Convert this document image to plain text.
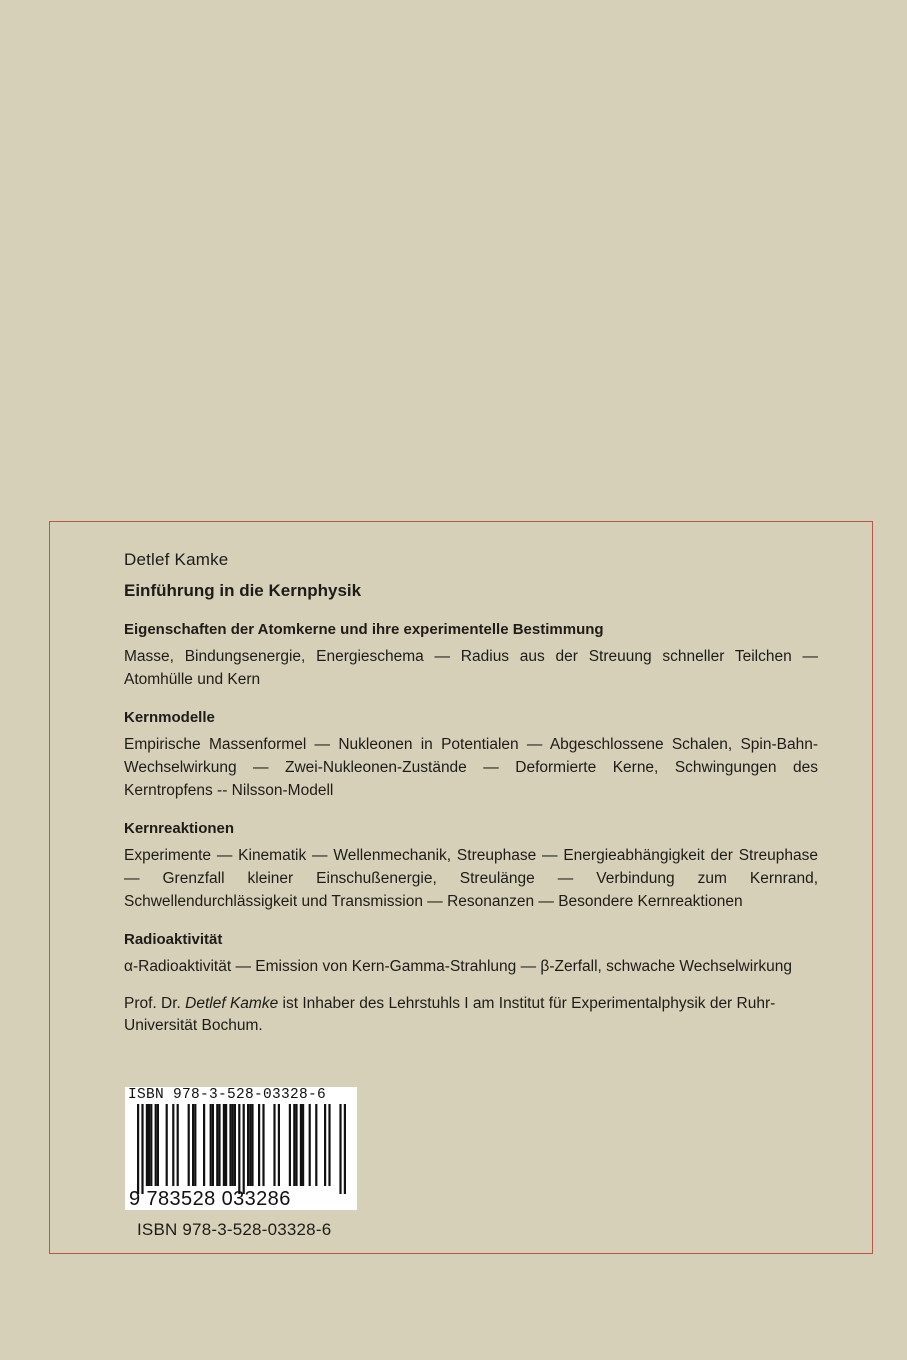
Detlef Kamke
Einführung in die Kernphysik
Eigenschaften der Atomkerne und ihre experimentelle Bestimmung
Masse, Bindungsenergie, Energieschema — Radius aus der Streuung schneller Teilchen — Atomhülle und Kern
Kernmodelle
Empirische Massenformel — Nukleonen in Potentialen — Abgeschlossene Schalen, Spin-Bahn-Wechselwirkung — Zwei-Nukleonen-Zustände — Deformierte Kerne, Schwingungen des Kerntropfens -- Nilsson-Modell
Kernreaktionen
Experimente — Kinematik — Wellenmechanik, Streuphase — Energieabhängigkeit der Streuphase — Grenzfall kleiner Einschußenergie, Streulänge — Verbindung zum Kernrand, Schwellendurchlässigkeit und Transmission — Resonanzen — Besondere Kernreaktionen
Radioaktivität
α-Radioaktivität — Emission von Kern-Gamma-Strahlung — β-Zerfall, schwache Wechselwirkung
Prof. Dr. Detlef Kamke ist Inhaber des Lehrstuhls I am Institut für Experimentalphysik der Ruhr-Universität Bochum.
ISBN 978-3-528-03328-6
9 783528 033286
ISBN 978-3-528-03328-6
